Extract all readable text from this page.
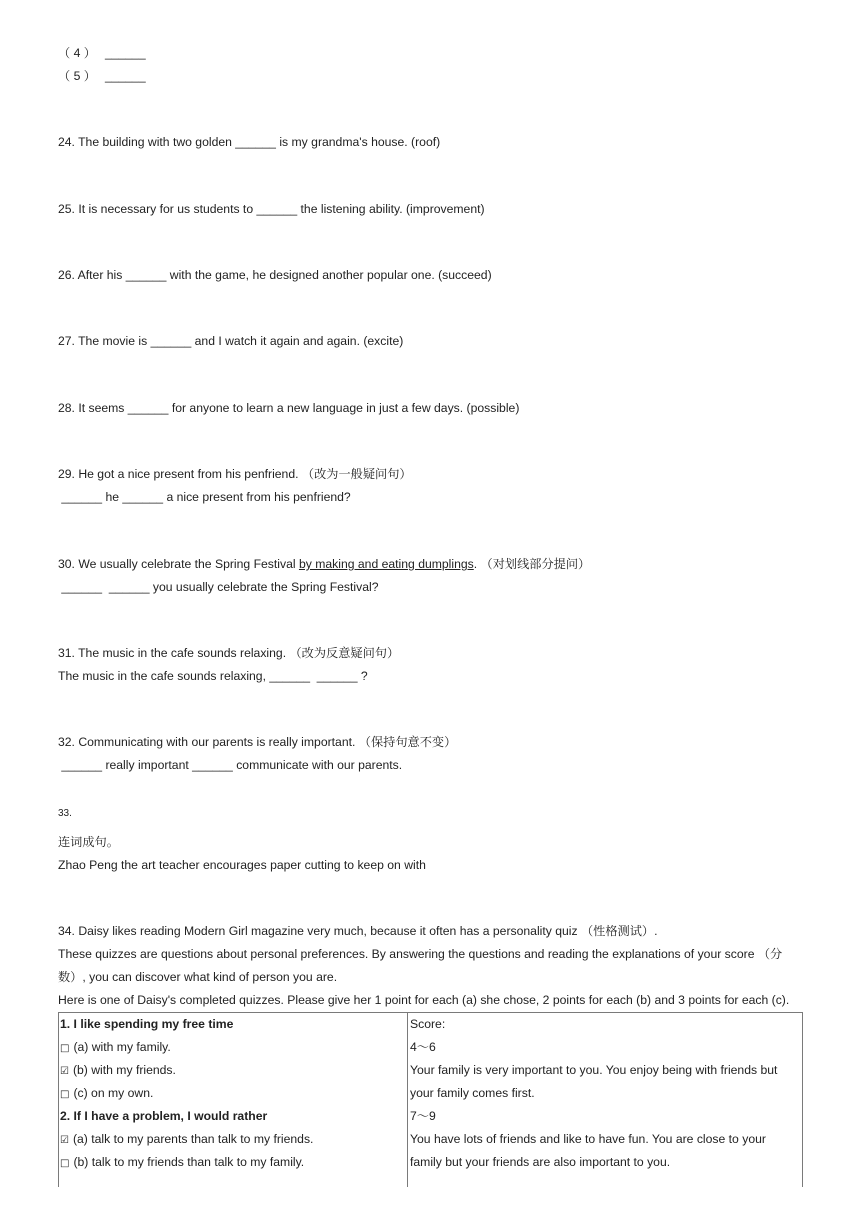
（ 4 ） ______
（ 5 ） ______
24. The building with two golden ______ is my grandma's house. (roof)
25. It is necessary for us students to ______ the listening ability. (improvement)
26. After his ______ with the game, he designed another popular one. (succeed)
27. The movie is ______ and I watch it again and again. (excite)
28. It seems ______ for anyone to learn a new language in just a few days. (possible)
29. He got a nice present from his penfriend. （改为一般疑问句）
______ he ______ a nice present from his penfriend?
30. We usually celebrate the Spring Festival by making and eating dumplings. （对划线部分提问）
______  ______ you usually celebrate the Spring Festival?
31. The music in the cafe sounds relaxing. （改为反意疑问句）
The music in the cafe sounds relaxing, ______  ______ ?
32. Communicating with our parents is really important. （保持句意不变）
______ really important ______ communicate with our parents.
33.
连词成句。
Zhao Peng the art teacher encourages paper cutting to keep on with
34. Daisy likes reading Modern Girl magazine very much, because it often has a personality quiz （性格测试）.
These quizzes are questions about personal preferences. By answering the questions and reading the explanations of your score （分数）, you can discover what kind of person you are.
Here is one of Daisy's completed quizzes. Please give her 1 point for each (a) she chose, 2 points for each (b) and 3 points for each (c).
1. I like spending my free time
□ (a) with my family.
☑ (b) with my friends.
□ (c) on my own.
2. If I have a problem, I would rather
☑ (a) talk to my parents than talk to my friends.
□ (b) talk to my friends than talk to my family.
Score:
4～6
Your family is very important to you. You enjoy being with friends but your family comes first.
7～9
You have lots of friends and like to have fun. You are close to your family but your friends are also important to you.
